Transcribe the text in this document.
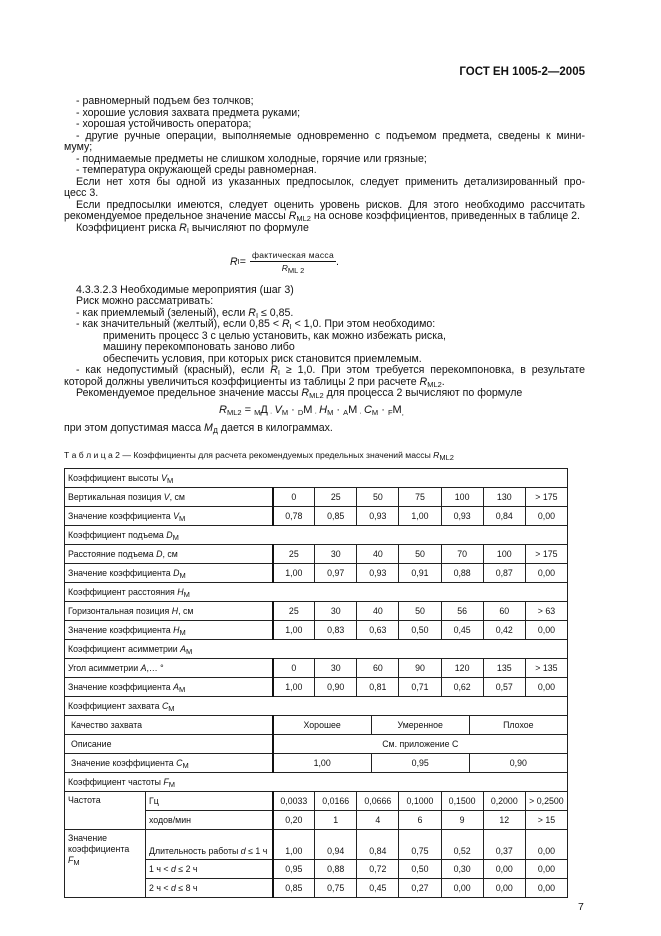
ГОСТ ЕН 1005-2—2005
- равномерный подъем без толчков;
- хорошие условия захвата предмета руками;
- хорошая устойчивость оператора;
- другие ручные операции, выполняемые одновременно с подъемом предмета, сведены к мини-
муму;
- поднимаемые предметы не слишком холодные, горячие или грязные;
- температура окружающей среды равномерная.
Если нет хотя бы одной из указанных предпосылок, следует применить детализированный про-
цесс 3.
Если предпосылки имеются, следует оценить уровень рисков. Для этого необходимо рассчитать
рекомендуемое предельное значение массы $R_{ML2}$ на основе коэффициентов, приведенных в таблице 2.
Коэффициент риска $R_I$ вычисляют по формуле
R $I = \frac{\text{фактическая масса}}{R_{ML 2}}$ .
4.3.3.2.3 Необходимые мероприятия (шаг 3)
Риск можно рассматривать:
- как приемлемый (зеленый), если $R_I \le 0,85$.
- как значительный (желтый), если $0,85 < R_I < 1,0$. При этом необходимо:
применить процесс 3 с целью установить, как можно избежать риска,
машину перекомпоновать заново либо
обеспечить условия, при которых риск становится приемлемым.
- как недопустимый (красный), если $R_I \ge 1,0$. При этом требуется перекомпоновка, в результате
которой должны увеличиться коэффициенты из таблицы 2 при расчете $R_{ML2}$.
Рекомендуемое предельное значение массы $R_{ML2}$ для процесса 2 вычисляют по формуле
$R_{ML2} = _MД$ $_\cdot$ $V_М \cdot _DМ$ $_\cdot$ $H_М \cdot _AМ$ $_\cdot$ $C_М \cdot _FМ_,$
при этом допустимая масса $M_Д$ дается в килограммах.
Т а б л и ц а 2 — Коэффициенты для расчета рекомендуемых предельных значений массы $R_{ML2}$
Коэффициент высоты $V_М$
Вертикальная позиция V, см	0	25	50	75	100	130	> 175
Значение коэффициента $V_М$	0,78	0,85	0,93	1,00	0,93	0,84	0,00
Коэффициент подъема $D_М$
Расстояние подъема D, см	25	30	40	50	70	100	> 175
Значение коэффициента $D_М$	1,00	0,97	0,93	0,91	0,88	0,87	0,00
Коэффициент расстояния $H_М$
Горизонтальная позиция H, см	25	30	40	50	56	60	> 63
Значение коэффициента $H_М$	1,00	0,83	0,63	0,50	0,45	0,42	0,00
Коэффициент асимметрии $A_М$
Угол асимметрии A,… °	0	30	60	90	120	135	> 135
Значение коэффициента $A_М$	1,00	0,90	0,81	0,71	0,62	0,57	0,00
Коэффициент захвата $C_М$
Качество захвата		Хорошее	Умеренное	Плохое

Описание		См. приложение С

Значение коэффициента $C_М$		1,00	0,95	0,90

Коэффициент частоты $F_М$
Частота	Гц	0,0033	0,0166	0,0666	0,1000	0,1500	0,2000	> 0,2500
ходов/мин	0,20	1	4	6	9	12	> 15
Значение коэффициента $F_М$	Длительность работы d ≤ 1 ч	1,00	0,94	0,84	0,75	0,52	0,37	0,00
1 ч < d ≤ 2 ч	0,95	0,88	0,72	0,50	0,30	0,00	0,00
2 ч < d ≤ 8 ч	0,85	0,75	0,45	0,27	0,00	0,00	0,00
7
